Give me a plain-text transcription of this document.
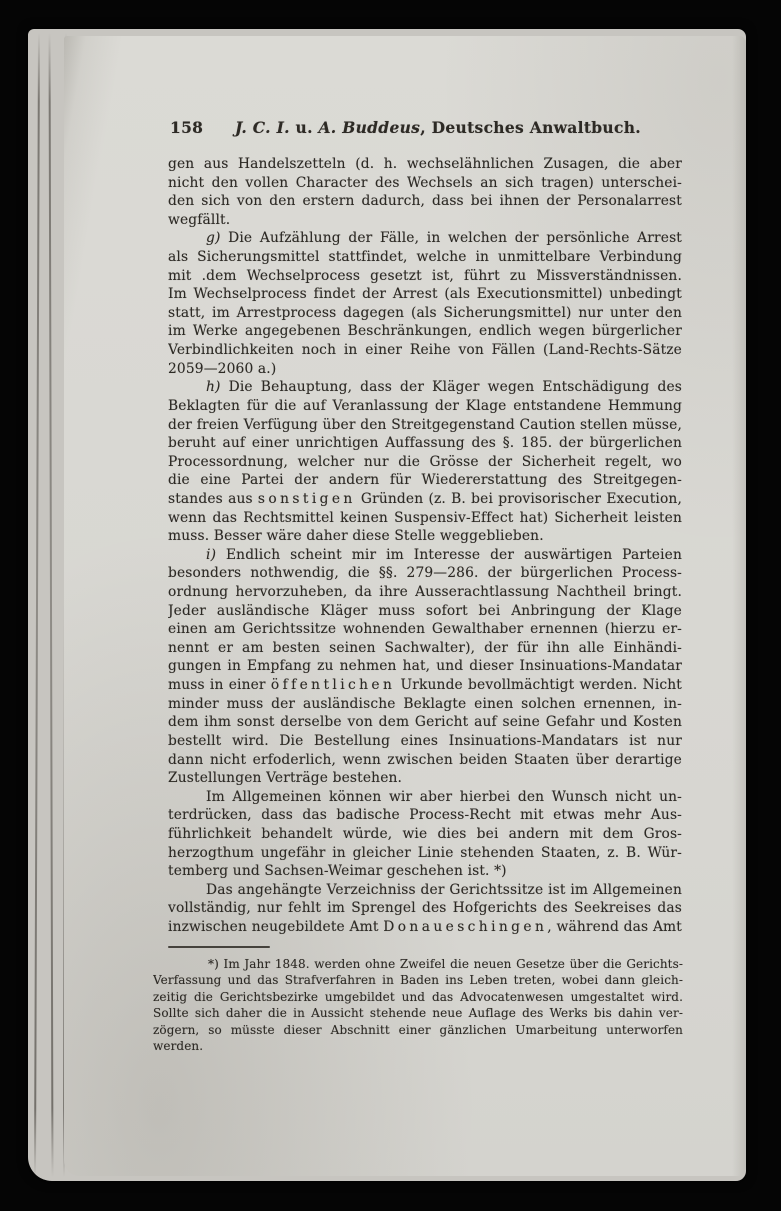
158	J. C. I. u. A. Buddeus, Deutsches Anwaltbuch.
gen aus Handelszetteln (d. h. wechselähnlichen Zusagen, die aber
nicht den vollen Character des Wechsels an sich tragen) unterschei-
den sich von den erstern dadurch, dass bei ihnen der Personalarrest
wegfällt.
g) Die Aufzählung der Fälle, in welchen der persönliche Arrest
als Sicherungsmittel stattfindet, welche in unmittelbare Verbindung
mit .dem Wechselprocess gesetzt ist, führt zu Missverständnissen.
Im Wechselprocess findet der Arrest (als Executionsmittel) unbedingt
statt, im Arrestprocess dagegen (als Sicherungsmittel) nur unter den
im Werke angegebenen Beschränkungen, endlich wegen bürgerlicher
Verbindlichkeiten noch in einer Reihe von Fällen (Land-Rechts-Sätze
2059—2060 a.)
h) Die Behauptung, dass der Kläger wegen Entschädigung des
Beklagten für die auf Veranlassung der Klage entstandene Hemmung
der freien Verfügung über den Streitgegenstand Caution stellen müsse,
beruht auf einer unrichtigen Auffassung des §. 185. der bürgerlichen
Processordnung, welcher nur die Grösse der Sicherheit regelt, wo
die eine Partei der andern für Wiedererstattung des Streitgegen-
standes aus sonstigen Gründen (z. B. bei provisorischer Execution,
wenn das Rechtsmittel keinen Suspensiv-Effect hat) Sicherheit leisten
muss. Besser wäre daher diese Stelle weggeblieben.
i) Endlich scheint mir im Interesse der auswärtigen Parteien
besonders nothwendig, die §§. 279—286. der bürgerlichen Process-
ordnung hervorzuheben, da ihre Ausserachtlassung Nachtheil bringt.
Jeder ausländische Kläger muss sofort bei Anbringung der Klage
einen am Gerichtssitze wohnenden Gewalthaber ernennen (hierzu er-
nennt er am besten seinen Sachwalter), der für ihn alle Einhändi-
gungen in Empfang zu nehmen hat, und dieser Insinuations-Mandatar
muss in einer öffentlichen Urkunde bevollmächtigt werden. Nicht
minder muss der ausländische Beklagte einen solchen ernennen, in-
dem ihm sonst derselbe von dem Gericht auf seine Gefahr und Kosten
bestellt wird. Die Bestellung eines Insinuations-Mandatars ist nur
dann nicht erfoderlich, wenn zwischen beiden Staaten über derartige
Zustellungen Verträge bestehen.
Im Allgemeinen können wir aber hierbei den Wunsch nicht un-
terdrücken, dass das badische Process-Recht mit etwas mehr Aus-
führlichkeit behandelt würde, wie dies bei andern mit dem Gros-
herzogthum ungefähr in gleicher Linie stehenden Staaten, z. B. Wür-
temberg und Sachsen-Weimar geschehen ist. *)
Das angehängte Verzeichniss der Gerichtssitze ist im Allgemeinen
vollständig, nur fehlt im Sprengel des Hofgerichts des Seekreises das
inzwischen neugebildete Amt Donaueschingen, während das Amt
*) Im Jahr 1848. werden ohne Zweifel die neuen Gesetze über die Gerichts-
Verfassung und das Strafverfahren in Baden ins Leben treten, wobei dann gleich-
zeitig die Gerichtsbezirke umgebildet und das Advocatenwesen umgestaltet wird.
Sollte sich daher die in Aussicht stehende neue Auflage des Werks bis dahin ver-
zögern, so müsste dieser Abschnitt einer gänzlichen Umarbeitung unterworfen
werden.
